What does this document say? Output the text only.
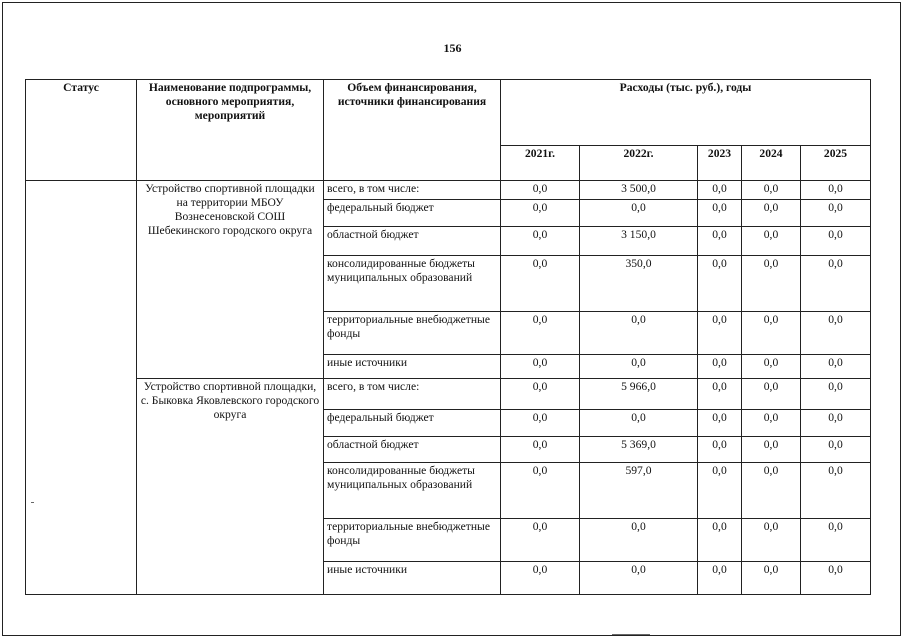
156
Статус	Наименование подпрограммы, основного мероприятия, мероприятий	Объем финансирования, источники финансирования	Расходы (тыс. руб.), годы				
			2021г.	2022г.	2023	2024	2025
	Устройство спортивной площадки на территории МБОУ Вознесеновской СОШ Шебекинского городского округа	всего, в том числе:	0,0	3 500,0	0,0	0,0	0,0
		федеральный бюджет	0,0	0,0	0,0	0,0	0,0
		областной бюджет	0,0	3 150,0	0,0	0,0	0,0
		консолидированные бюджеты муниципальных образований	0,0	350,0	0,0	0,0	0,0
		территориальные внебюджетные фонды	0,0	0,0	0,0	0,0	0,0
		иные источники	0,0	0,0	0,0	0,0	0,0
	Устройство спортивной площадки, с. Быковка Яковлевского городского округа	всего, в том числе:	0,0	5 966,0	0,0	0,0	0,0
		федеральный бюджет	0,0	0,0	0,0	0,0	0,0
		областной бюджет	0,0	5 369,0	0,0	0,0	0,0
		консолидированные бюджеты муниципальных образований	0,0	597,0	0,0	0,0	0,0
		территориальные внебюджетные фонды	0,0	0,0	0,0	0,0	0,0
		иные источники	0,0	0,0	0,0	0,0	0,0
